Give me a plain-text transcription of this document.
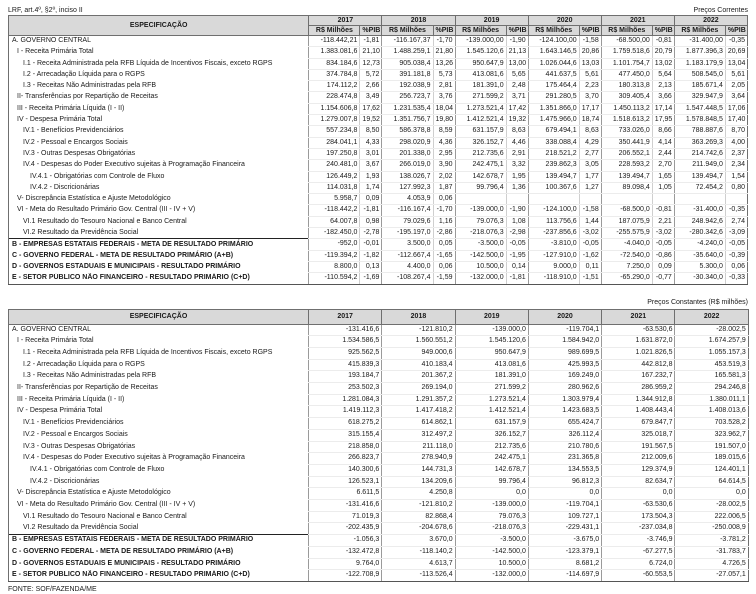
LRF, art.4º, §2º, inciso II	Preços Correntes
ESPECIFICAÇÃO	2017		2018		2019		2020		2021		2022	
	R$ Milhões	%PIB	R$ Milhões	%PIB	R$ Milhões	%PIB	R$ Milhões	%PIB	R$ Milhões	%PIB	R$ Milhões	%PIB
A. GOVERNO CENTRAL	-118.442,21	-1,81	-116.167,37	-1,70	-139.000,00	-1,90	-124.100,00	-1,58	-68.500,00	-0,81	-31.400,00	-0,35
I - Receita Primária Total	1.383.081,6	21,10	1.488.259,1	21,80	1.545.120,6	21,13	1.643.146,5	20,86	1.759.518,6	20,79	1.877.396,3	20,69
I.1 - Receita Administrada pela RFB Líquida de Incentivos Fiscais, exceto RGPS	834.184,6	12,73	905.038,4	13,26	950.647,9	13,00	1.026.044,6	13,03	1.101.754,7	13,02	1.183.179,9	13,04
I.2 - Arrecadação Líquida para o RGPS	374.784,8	5,72	391.181,8	5,73	413.081,6	5,65	441.637,5	5,61	477.450,0	5,64	508.545,0	5,61
I.3 - Receitas Não Administradas pela RFB	174.112,2	2,66	192.038,9	2,81	181.391,0	2,48	175.464,4	2,23	180.313,8	2,13	185.671,4	2,05
II- Transferências por Repartição de Receitas	228.474,8	3,49	256.723,7	3,76	271.599,2	3,71	291.280,5	3,70	309.405,4	3,66	329.947,9	3,64
III - Receita Primária Líquida (I - II)	1.154.606,8	17,62	1.231.535,4	18,04	1.273.521,4	17,42	1.351.866,0	17,17	1.450.113,2	17,14	1.547.448,5	17,06
IV - Despesa Primária Total	1.279.007,8	19,52	1.351.756,7	19,80	1.412.521,4	19,32	1.475.966,0	18,74	1.518.613,2	17,95	1.578.848,5	17,40
IV.1 - Benefícios Previdenciários	557.234,8	8,50	586.378,8	8,59	631.157,9	8,63	679.494,1	8,63	733.026,0	8,66	788.887,6	8,70
IV.2 - Pessoal e Encargos Sociais	284.041,1	4,33	298.020,9	4,36	326.152,7	4,46	338.088,4	4,29	350.441,9	4,14	363.269,3	4,00
IV.3 - Outras Despesas Obrigatórias	197.250,8	3,01	201.338,0	2,95	212.735,6	2,91	218.521,2	2,77	206.552,1	2,44	214.742,6	2,37
IV.4 - Despesas do Poder Executivo sujeitas à Programação Financeira	240.481,0	3,67	266.019,0	3,90	242.475,1	3,32	239.862,3	3,05	228.593,2	2,70	211.949,0	2,34
IV.4.1 - Obrigatórias com Controle de Fluxo	126.449,2	1,93	138.026,7	2,02	142.678,7	1,95	139.494,7	1,77	139.494,7	1,65	139.494,7	1,54
IV.4.2 - Discricionárias	114.031,8	1,74	127.992,3	1,87	99.796,4	1,36	100.367,6	1,27	89.098,4	1,05	72.454,2	0,80
V- Discrepância Estatística e Ajuste Metodológico	5.958,7	0,09	4.053,9	0,06								
VI - Meta do Resultado Primário Gov. Central (III - IV + V)	-118.442,2	-1,81	-116.167,4	-1,70	-139.000,0	-1,90	-124.100,0	-1,58	-68.500,0	-0,81	-31.400,0	-0,35
VI.1 Resultado do Tesouro Nacional e Banco Central	64.007,8	0,98	79.029,6	1,16	79.076,3	1,08	113.756,6	1,44	187.075,9	2,21	248.942,6	2,74
VI.2 Resultado da Previdência Social	-182.450,0	-2,78	-195.197,0	-2,86	-218.076,3	-2,98	-237.856,6	-3,02	-255.575,9	-3,02	-280.342,6	-3,09
B - EMPRESAS ESTATAIS FEDERAIS - META DE RESULTADO PRIMÁRIO	-952,0	-0,01	3.500,0	0,05	-3.500,0	-0,05	-3.810,0	-0,05	-4.040,0	-0,05	-4.240,0	-0,05
C - GOVERNO FEDERAL - META DE RESULTADO PRIMÁRIO (A+B)	-119.394,2	-1,82	-112.667,4	-1,65	-142.500,0	-1,95	-127.910,0	-1,62	-72.540,0	-0,86	-35.640,0	-0,39
D - GOVERNOS ESTADUAIS E MUNICIPAIS - RESULTADO PRIMÁRIO	8.800,0	0,13	4.400,0	0,06	10.500,0	0,14	9.000,0	0,11	7.250,0	0,09	5.300,0	0,06
E - SETOR PÚBLICO NÃO FINANCEIRO - RESULTADO PRIMÁRIO (C+D)	-110.594,2	-1,69	-108.267,4	-1,59	-132.000,0	-1,81	-118.910,0	-1,51	-65.290,0	-0,77	-30.340,0	-0,33
Preços Constantes (R$ milhões)
ESPECIFICAÇÃO	2017	2018	2019	2020	2021	2022
A. GOVERNO CENTRAL	-131.416,6	-121.810,2	-139.000,0	-119.704,1	-63.530,6	-28.002,5
I - Receita Primária Total	1.534.586,5	1.560.551,2	1.545.120,6	1.584.942,0	1.631.872,0	1.674.257,9
I.1 - Receita Administrada pela RFB Líquida de Incentivos Fiscais, exceto RGPS	925.562,5	949.000,6	950.647,9	989.699,5	1.021.826,5	1.055.157,3
I.2 - Arrecadação Líquida para o RGPS	415.839,3	410.183,4	413.081,6	425.993,5	442.812,8	453.519,3
I.3 - Receitas Não Administradas pela RFB	193.184,7	201.367,2	181.391,0	169.249,0	167.232,7	165.581,3
II- Transferências por Repartição de Receitas	253.502,3	269.194,0	271.599,2	280.962,6	286.959,2	294.246,8
III - Receita Primária Líquida (I - II)	1.281.084,3	1.291.357,2	1.273.521,4	1.303.979,4	1.344.912,8	1.380.011,1
IV - Despesa Primária Total	1.419.112,3	1.417.418,2	1.412.521,4	1.423.683,5	1.408.443,4	1.408.013,6
IV.1 - Benefícios Previdenciários	618.275,2	614.862,1	631.157,9	655.424,7	679.847,7	703.528,2
IV.2 - Pessoal e Encargos Sociais	315.155,4	312.497,2	326.152,7	326.112,4	325.018,7	323.962,7
IV.3 - Outras Despesas Obrigatórias	218.858,0	211.118,0	212.735,6	210.780,6	191.567,5	191.507,0
IV.4 - Despesas do Poder Executivo sujeitas à Programação Financeira	266.823,7	278.940,9	242.475,1	231.365,8	212.009,6	189.015,6
IV.4.1 - Obrigatórias com Controle de Fluxo	140.300,6	144.731,3	142.678,7	134.553,5	129.374,9	124.401,1
IV.4.2 - Discricionárias	126.523,1	134.209,6	99.796,4	96.812,3	82.634,7	64.614,5
V- Discrepância Estatística e Ajuste Metodológico	6.611,5	4.250,8	0,0	0,0	0,0	0,0
VI - Meta do Resultado Primário Gov. Central (III - IV + V)	-131.416,6	-121.810,2	-139.000,0	-119.704,1	-63.530,6	-28.002,5
VI.1 Resultado do Tesouro Nacional e Banco Central	71.019,3	82.868,4	79.076,3	109.727,1	173.504,3	222.006,5
VI.2 Resultado da Previdência Social	-202.435,9	-204.678,6	-218.076,3	-229.431,1	-237.034,8	-250.008,9
B - EMPRESAS ESTATAIS FEDERAIS - META DE RESULTADO PRIMÁRIO	-1.056,3	3.670,0	-3.500,0	-3.675,0	-3.746,9	-3.781,2
C - GOVERNO FEDERAL - META DE RESULTADO PRIMÁRIO (A+B)	-132.472,8	-118.140,2	-142.500,0	-123.379,1	-67.277,5	-31.783,7
D - GOVERNOS ESTADUAIS E MUNICIPAIS - RESULTADO PRIMÁRIO	9.764,0	4.613,7	10.500,0	8.681,2	6.724,0	4.726,5
E - SETOR PÚBLICO NÃO FINANCEIRO - RESULTADO PRIMÁRIO (C+D)	-122.708,9	-113.526,4	-132.000,0	-114.697,9	-60.553,5	-27.057,1
FONTE: SOF/FAZENDA/ME
